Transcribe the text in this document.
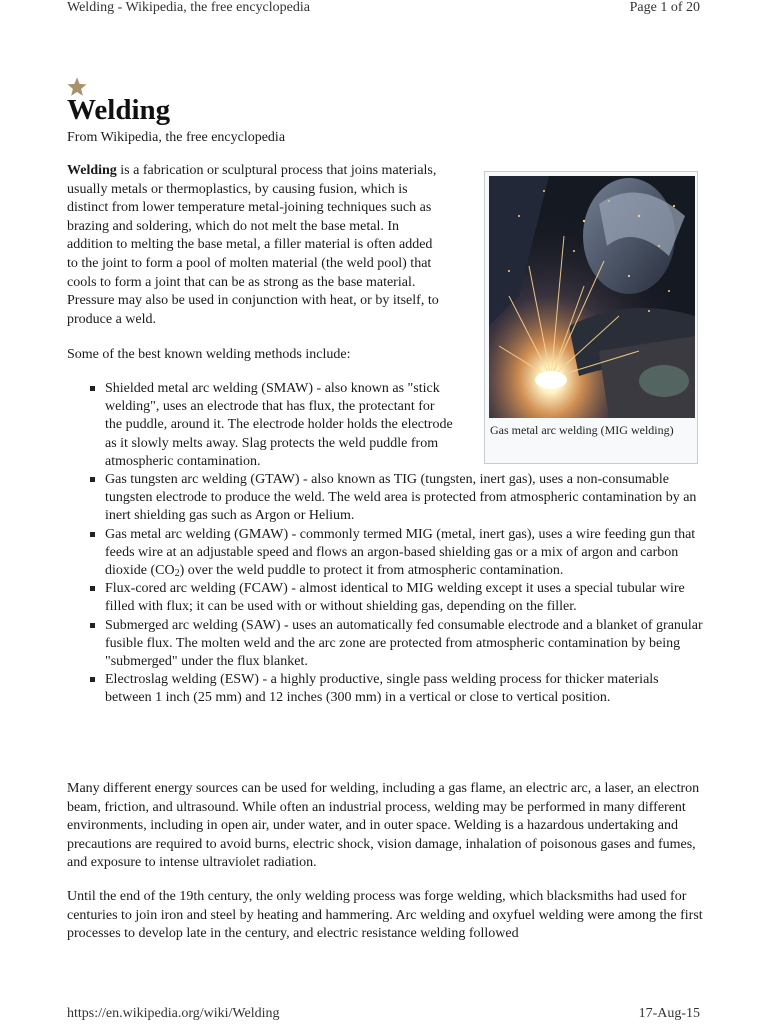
Welding - Wikipedia, the free encyclopedia	Page 1 of 20
Welding
From Wikipedia, the free encyclopedia

Welding is a fabrication or sculptural process that joins materials, usually metals or thermoplastics, by causing fusion, which is distinct from lower temperature metal-joining techniques such as brazing and soldering, which do not melt the base metal. In addition to melting the base metal, a filler material is often added to the joint to form a pool of molten material (the weld pool) that cools to form a joint that can be as strong as the base material. Pressure may also be used in conjunction with heat, or by itself, to produce a weld.

Some of the best known welding methods include:

Shielded metal arc welding (SMAW) - also known as "stick welding", uses an electrode that has flux, the protectant for the puddle, around it. The electrode holder holds the electrode as it slowly melts away. Slag protects the weld puddle from atmospheric contamination.
Gas tungsten arc welding (GTAW) - also known as TIG (tungsten, inert gas), uses a non-consumable tungsten electrode to produce the weld. The weld area is protected from atmospheric contamination by an inert shielding gas such as Argon or Helium.
Gas metal arc welding (GMAW) - commonly termed MIG (metal, inert gas), uses a wire feeding gun that feeds wire at an adjustable speed and flows an argon-based shielding gas or a mix of argon and carbon dioxide $(CO_2)$ over the weld puddle to protect it from atmospheric contamination.
Flux-cored arc welding (FCAW) - almost identical to MIG welding except it uses a special tubular wire filled with flux; it can be used with or without shielding gas, depending on the filler.
Submerged arc welding (SAW) - uses an automatically fed consumable electrode and a blanket of granular fusible flux. The molten weld and the arc zone are protected from atmospheric contamination by being "submerged" under the flux blanket.
Electroslag welding (ESW) - a highly productive, single pass welding process for thicker materials between 1 inch (25 mm) and 12 inches (300 mm) in a vertical or close to vertical position.

Many different energy sources can be used for welding, including a gas flame, an electric arc, a laser, an electron beam, friction, and ultrasound. While often an industrial process, welding may be performed in many different environments, including in open air, under water, and in outer space. Welding is a hazardous undertaking and precautions are required to avoid burns, electric shock, vision damage, inhalation of poisonous gases and fumes, and exposure to intense ultraviolet radiation.

Until the end of the 19th century, the only welding process was forge welding, which blacksmiths had used for centuries to join iron and steel by heating and hammering. Arc welding and oxyfuel welding were among the first processes to develop late in the century, and electric resistance welding followed

Gas metal arc welding (MIG welding)
https://en.wikipedia.org/wiki/Welding	17-Aug-15
